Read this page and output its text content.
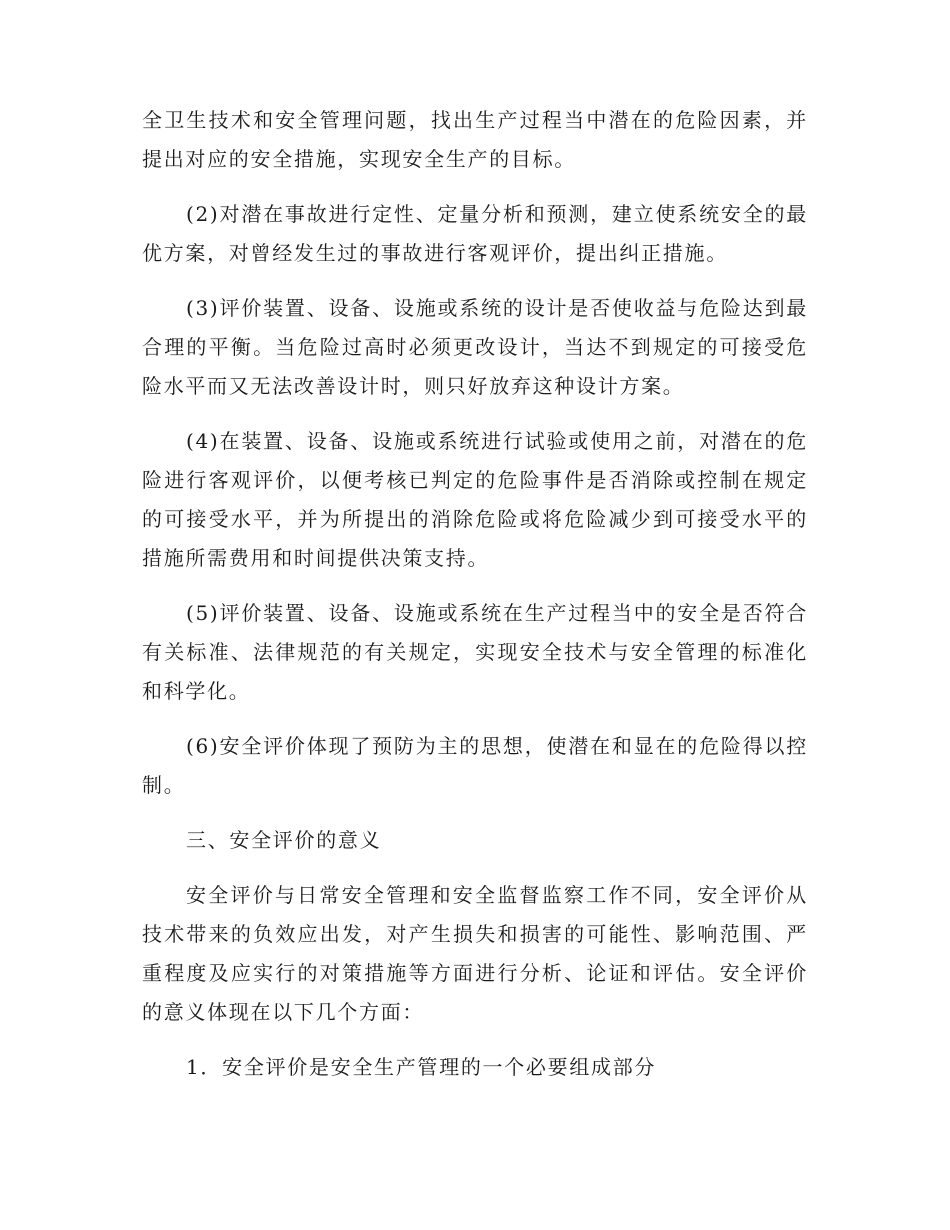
全卫生技术和安全管理问题，找出生产过程当中潜在的危险因素，并提出对应的安全措施，实现安全生产的目标。

(2)对潜在事故进行定性、定量分析和预测，建立使系统安全的最优方案，对曾经发生过的事故进行客观评价，提出纠正措施。

(3)评价装置、设备、设施或系统的设计是否使收益与危险达到最合理的平衡。当危险过高时必须更改设计，当达不到规定的可接受危险水平而又无法改善设计时，则只好放弃这种设计方案。

(4)在装置、设备、设施或系统进行试验或使用之前，对潜在的危险进行客观评价，以便考核已判定的危险事件是否消除或控制在规定的可接受水平，并为所提出的消除危险或将危险减少到可接受水平的措施所需费用和时间提供决策支持。

(5)评价装置、设备、设施或系统在生产过程当中的安全是否符合有关标准、法律规范的有关规定，实现安全技术与安全管理的标准化和科学化。

(6)安全评价体现了预防为主的思想，使潜在和显在的危险得以控制。

三、安全评价的意义

安全评价与日常安全管理和安全监督监察工作不同，安全评价从技术带来的负效应出发，对产生损失和损害的可能性、影响范围、严重程度及应实行的对策措施等方面进行分析、论证和评估。安全评价的意义体现在以下几个方面：

1．安全评价是安全生产管理的一个必要组成部分
